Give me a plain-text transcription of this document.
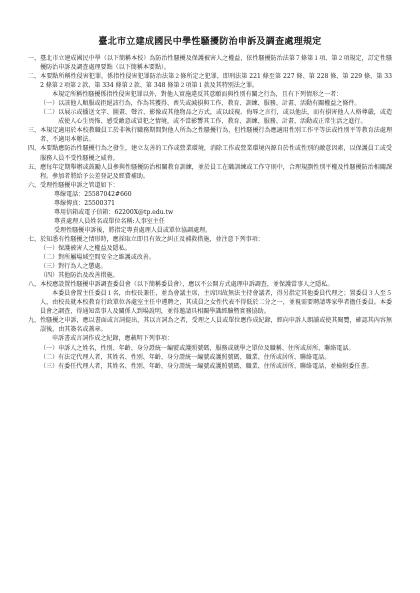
臺北市立建成國民中學性騷擾防治申訴及調查處理規定
一、 臺北市立建成國民中學（以下簡稱本校）為防治性騷擾及保護被害人之權益，依性騷擾防治法第７條第１項、第２項規定，訂定性騷擾防治申訴及調查處理要點（以下簡稱本要點）。
二、 本要點所稱性侵害犯罪，係指性侵害犯罪防治法第２條所定之犯罪，即刑法第 221 條至第 227 條、第 228 條、第 229 條、第 332 條第２項第２款、第 334 條第２款、第 348 條第２項第１款及其特別法之罪。
本規定所稱性騷擾係指性侵害犯罪以外，對他人實施違反其意願而與性別有關之行為，且有下列情形之一者：
（一） 以該他人順服或拒絕該行為，作為其獲得、喪失或減損與工作、教育、訓練、服務、計畫、活動有關權益之條件。
（二） 以展示或播送文字、圖畫、聲音、影像或其他物品之方式，或以歧視、侮辱之言行，或以他法，而有損害他人人格尊嚴，或造成使人心生畏怖、感受敵意或冒犯之情境，或不當影響其工作、教育、訓練、服務、計畫、活動或正常生活之進行。
三、 本規定適用於本校教職員工於非執行職務期間對他人所為之性騷擾行為，但性騷擾行為應適用性別工作平等法或性別平等教育法處理者，不適用本辦法。
四、 本要點應防治性騷擾行為之發生，建立友善的工作或營業環境，消除工作或營業環境內源自於性或性別的敵意因素，以保護員工或受服務人員不受性騷擾之威脅。
五、 應每年定期舉辦或鼓勵人員參與性騷擾防治相關教育訓練，並於員工在職訓練或工作守則中，合理規劃性別平權及性騷擾防治相關課程。參加者將給予公差登記及經費補助。
六、 受理性騷擾申訴之管道如下：
專線電話：25587042#660
專線傳真：25500371
專用信箱或電子信箱：62200X@tp.edu.tw
專責處理人員姓名或單位名稱:人事室主任
受理性騷擾申訴後，將指定專責處理人員或單位協調處理。
七、 於知悉有性騷擾之情形時，應採取立即且有效之糾正及補救措施，並注意下列事項：
（一） 保護被害人之權益及隱私。
（二） 對所屬場域空間安全之維護或改善。
（三） 對行為人之懲處。
（四） 其他防治及改善措施。
八、 本校應設置性騷擾申訴調查委員會（以下簡稱委員會），應以不公開方式處理申訴調查，並保護當事人之隱私。
本委員會置主任委員１名，由校長兼任，並為會議主席，主席因故無法主持會議者，得另指定其他委員代理之；置委員３人至５人，由校長就本校教育行政單位各處室主任中遴聘之，其成員之女性代表不得低於二分之一，並視需要聘請專家學者擔任委員。本委員會之調查，得通知當事人及關係人到場說明，並得邀請具相關學識經驗暨實務協助。
九、 性騷擾之申訴，應以書面或言詞提出，其以言詞為之者，受理之人員或單位應作成紀錄，經向申訴人朗讀或使其閱覽，確認其內容無誤後，由其簽名或蓋章。
申訴書或言詞作成之紀錄，應載明下列事項：
（一） 申訴人之姓名、性別、年齡、身分證統一編號或護照號碼、服務或就學之單位及職稱、住所或居所、聯絡電話。
（二） 有法定代理人者，其姓名、性別、年齡、身分證統一編號或護照號碼、職業、住所或居所、聯絡電話。
（三） 有委任代理人者，其姓名、性別、年齡、身分證統一編號或護照號碼、職業、住所或居所、聯絡電話，並檢附委任書。
